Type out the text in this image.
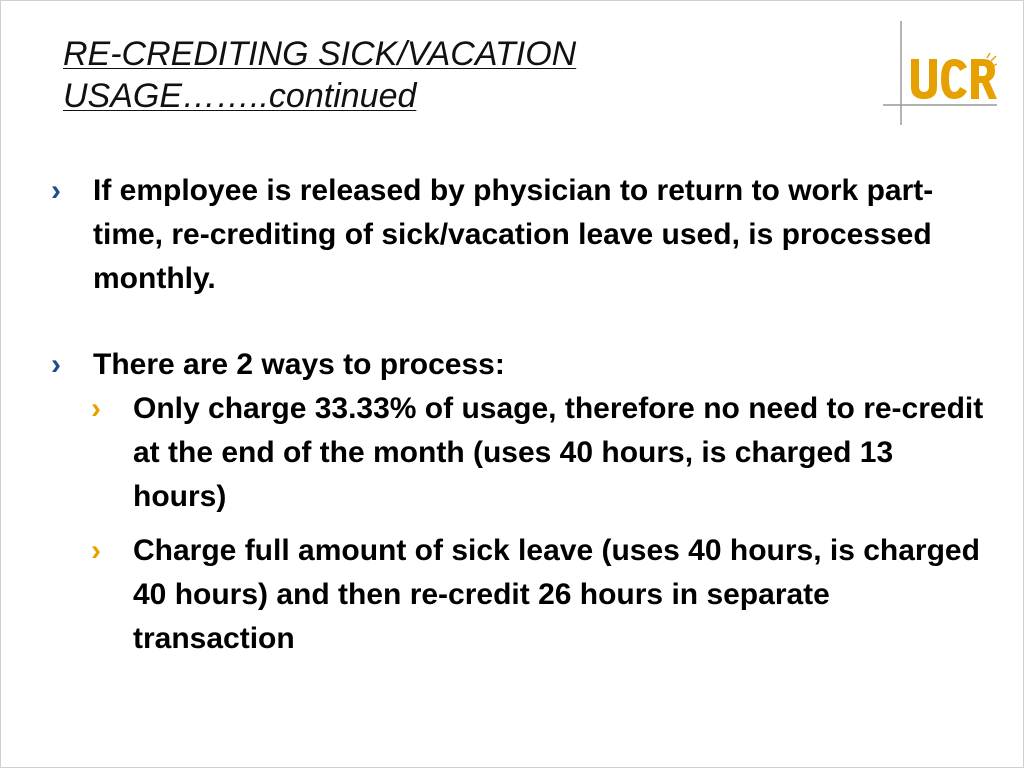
RE-CREDITING SICK/VACATION
USAGE……..continued
› If employee is released by physician to return to work part-time, re-crediting of sick/vacation leave used, is processed monthly.
› There are 2 ways to process:
› Only charge 33.33% of usage, therefore no need to re-credit at the end of the month (uses 40 hours, is charged 13 hours)
› Charge full amount of sick leave (uses 40 hours, is charged 40 hours) and then re-credit 26 hours in separate transaction
